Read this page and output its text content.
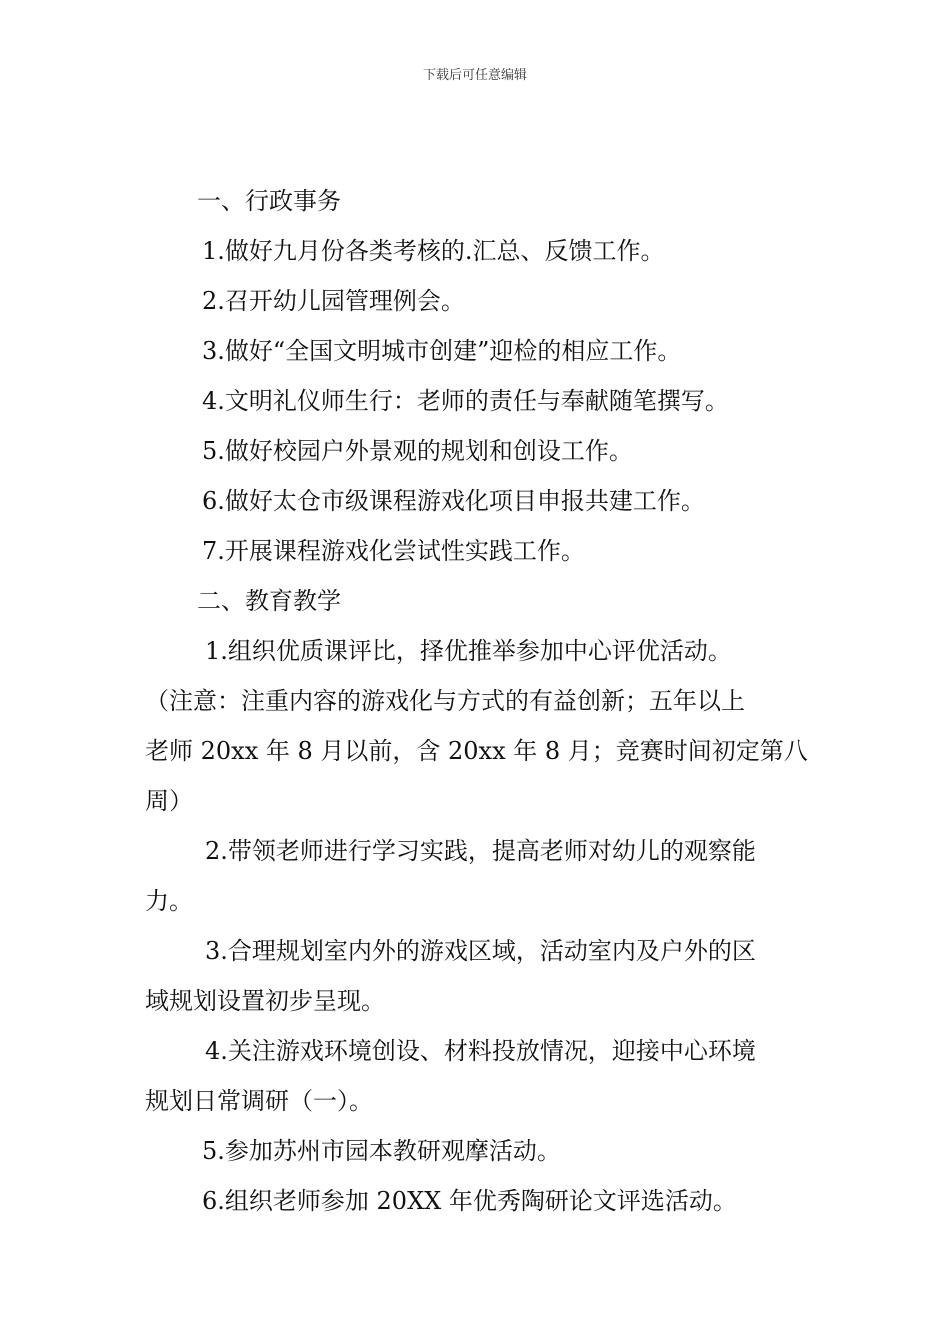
下载后可任意编辑
一、行政事务
1.做好九月份各类考核的.汇总、反馈工作。
2.召开幼儿园管理例会。
3.做好“全国文明城市创建”迎检的相应工作。
4.文明礼仪师生行：老师的责任与奉献随笔撰写。
5.做好校园户外景观的规划和创设工作。
6.做好太仓市级课程游戏化项目申报共建工作。
7.开展课程游戏化尝试性实践工作。
二、教育教学
1.组织优质课评比，择优推举参加中心评优活动。
（注意：注重内容的游戏化与方式的有益创新；五年以上
老师 20xx 年 8 月以前，含 20xx 年 8 月；竞赛时间初定第八
周）
2.带领老师进行学习实践，提高老师对幼儿的观察能
力。
3.合理规划室内外的游戏区域，活动室内及户外的区
域规划设置初步呈现。
4.关注游戏环境创设、材料投放情况，迎接中心环境
规划日常调研（一）。
5.参加苏州市园本教研观摩活动。
6.组织老师参加 20XX 年优秀陶研论文评选活动。
